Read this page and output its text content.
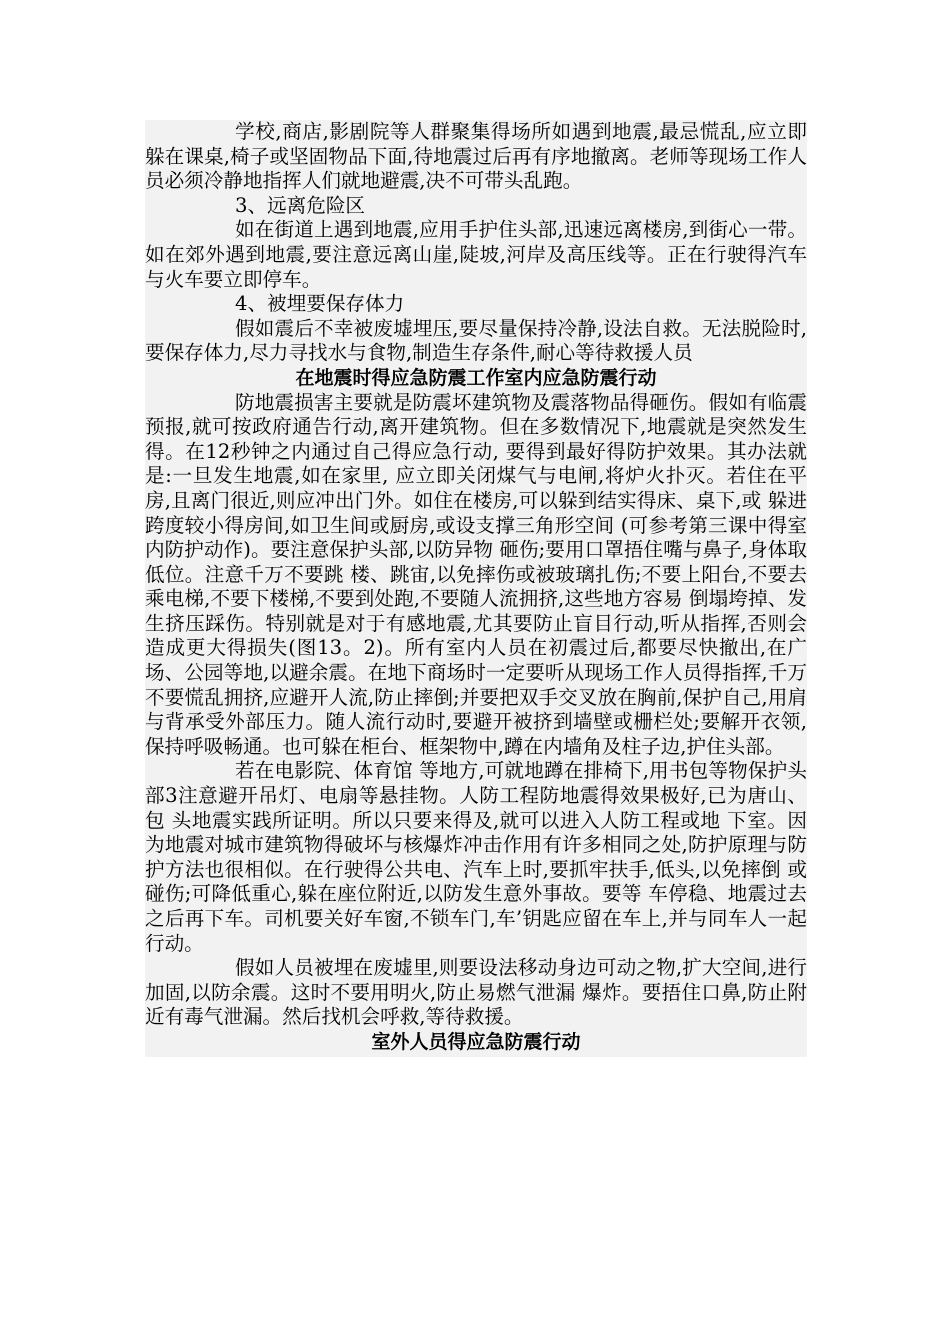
学校,商店,影剧院等人群聚集得场所如遇到地震,最忌慌乱,应立即躲在课桌,椅子或坚固物品下面,待地震过后再有序地撤离。老师等现场工作人员必须冷静地指挥人们就地避震,决不可带头乱跑。

3、远离危险区

如在街道上遇到地震,应用手护住头部,迅速远离楼房,到街心一带。如在郊外遇到地震,要注意远离山崖,陡坡,河岸及高压线等。正在行驶得汽车与火车要立即停车。

4、被埋要保存体力

假如震后不幸被废墟埋压,要尽量保持冷静,设法自救。无法脱险时,要保存体力,尽力寻找水与食物,制造生存条件,耐心等待救援人员

在地震时得应急防震工作室内应急防震行动

防地震损害主要就是防震坏建筑物及震落物品得砸伤。假如有临震预报,就可按政府通告行动,离开建筑物。但在多数情况下,地震就是突然发生得。在12秒钟之内通过自己得应急行动, 要得到最好得防护效果。其办法就是:一旦发生地震,如在家里, 应立即关闭煤气与电闸,将炉火扑灭。若住在平房,且离门很近,则应冲出门外。如住在楼房,可以躲到结实得床、桌下,或 躲进跨度较小得房间,如卫生间或厨房,或设支撑三角形空间 (可参考第三课中得室内防护动作)。要注意保护头部,以防异物 砸伤;要用口罩捂住嘴与鼻子,身体取低位。注意千万不要跳 楼、跳宙,以免摔伤或被玻璃扎伤;不要上阳台,不要去乘电梯,不要下楼梯,不要到处跑,不要随人流拥挤,这些地方容易 倒塌垮掉、发生挤压踩伤。特别就是对于有感地震,尤其要防止盲目行动,听从指挥,否则会造成更大得损失(图13。2)。所有室内人员在初震过后,都要尽快撤出,在广场、公园等地,以避余震。在地下商场时一定要听从现场工作人员得指挥,千万不要慌乱拥挤,应避开人流,防止摔倒;并要把双手交叉放在胸前,保护自己,用肩与背承受外部压力。随人流行动时,要避开被挤到墙壁或栅栏处;要解开衣领,保持呼吸畅通。也可躲在柜台、框架物中,蹲在内墙角及柱子边,护住头部。

若在电影院、体育馆 等地方,可就地蹲在排椅下,用书包等物保护头部3注意避开吊灯、电扇等悬挂物。人防工程防地震得效果极好,已为唐山、包 头地震实践所证明。所以只要来得及,就可以进入人防工程或地 下室。因为地震对城市建筑物得破坏与核爆炸冲击作用有许多相同之处,防护原理与防护方法也很相似。在行驶得公共电、汽车上时,要抓牢扶手,低头,以免摔倒 或碰伤;可降低重心,躲在座位附近,以防发生意外事故。要等 车停稳、地震过去之后再下车。司机要关好车窗,不锁车门,车’钥匙应留在车上,并与同车人一起行动。

假如人员被埋在废墟里,则要设法移动身边可动之物,扩大空间,进行加固,以防余震。这时不要用明火,防止易燃气泄漏 爆炸。要捂住口鼻,防止附近有毒气泄漏。然后找机会呼救,等待救援。

室外人员得应急防震行动
